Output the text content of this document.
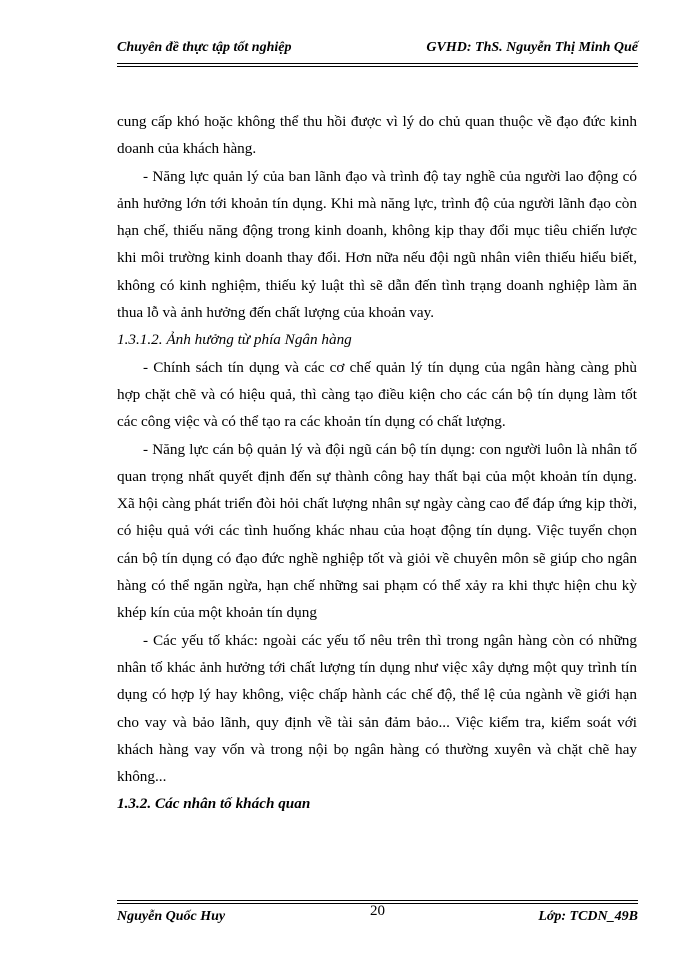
Chuyên đề thực tập tốt nghiệp	GVHD: ThS. Nguyễn Thị Minh Quế

cung cấp khó hoặc không thể thu hồi được vì lý do chủ quan thuộc về đạo đức kinh doanh của khách hàng.

- Năng lực quản lý của ban lãnh đạo và trình độ tay nghề của người lao động có ảnh hưởng lớn tới khoản tín dụng. Khi mà năng lực, trình độ của người lãnh đạo còn hạn chế, thiếu năng động trong kinh doanh, không kịp thay đổi mục tiêu chiến lược khi môi trường kinh doanh thay đổi. Hơn nữa nếu đội ngũ nhân viên thiếu hiểu biết, không có kinh nghiệm, thiếu kỷ luật thì sẽ dẫn đến tình trạng doanh nghiệp làm ăn thua lỗ và ảnh hưởng đến chất lượng của khoản vay.

1.3.1.2. Ảnh hưởng từ phía Ngân hàng

- Chính sách tín dụng và các cơ chế quản lý tín dụng của ngân hàng càng phù hợp chặt chẽ và có hiệu quả, thì càng tạo điều kiện cho các cán bộ tín dụng làm tốt các công việc và có thể tạo ra các khoản tín dụng có chất lượng.

- Năng lực cán bộ quản lý và đội ngũ cán bộ tín dụng: con người luôn là nhân tố quan trọng nhất quyết định đến sự thành công hay thất bại của một khoản tín dụng. Xã hội càng phát triển đòi hỏi chất lượng nhân sự ngày càng cao để đáp ứng kịp thời, có hiệu quả với các tình huống khác nhau của hoạt động tín dụng. Việc tuyển chọn cán bộ tín dụng có đạo đức nghề nghiệp tốt và giỏi về chuyên môn sẽ giúp cho ngân hàng có thể ngăn ngừa, hạn chế những sai phạm có thể xảy ra khi thực hiện chu kỳ khép kín của một khoản tín dụng

- Các yếu tố khác: ngoài các yếu tố nêu trên thì trong ngân hàng còn có những nhân tố khác ảnh hưởng tới chất lượng tín dụng như việc xây dựng một quy trình tín dụng có hợp lý hay không, việc chấp hành các chế độ, thể lệ của ngành về giới hạn cho vay và bảo lãnh, quy định về tài sản đảm bảo... Việc kiểm tra, kiểm soát với khách hàng vay vốn và trong nội bọ ngân hàng có thường xuyên và chặt chẽ hay không...

1.3.2. Các nhân tố khách quan

Nguyễn Quốc Huy	20	Lớp: TCDN_49B
